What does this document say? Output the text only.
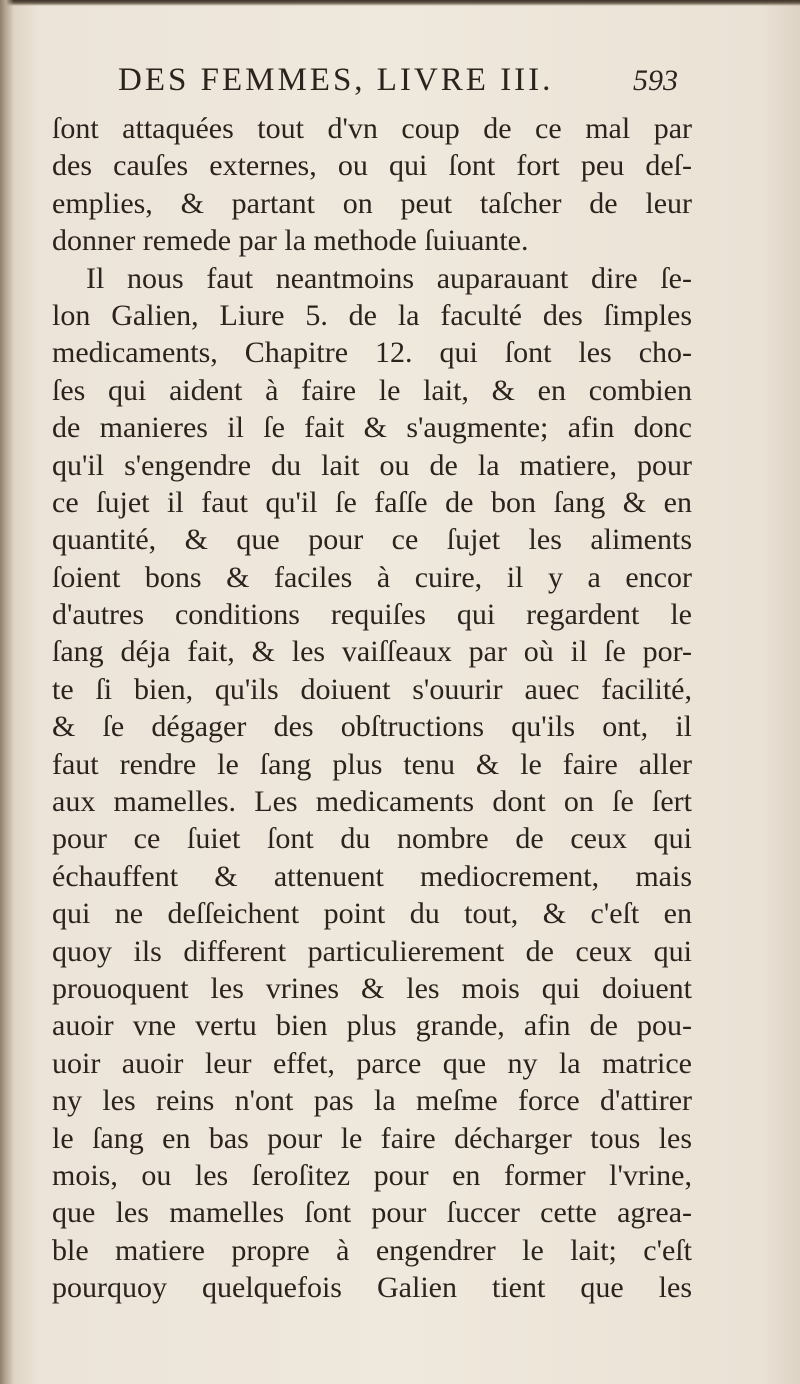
DES FEMMES, LIVRE III.	593
ſont attaquées tout d'vn coup de ce mal par
des cauſes externes, ou qui ſont fort peu deſ-
emplies, & partant on peut taſcher de leur
donner remede par la methode ſuiuante.
Il nous faut neantmoins auparauant dire ſe-
lon Galien, Liure 5. de la faculté des ſimples
medicaments, Chapitre 12. qui ſont les cho-
ſes qui aident à faire le lait, & en combien
de manieres il ſe fait & s'augmente; afin donc
qu'il s'engendre du lait ou de la matiere, pour
ce ſujet il faut qu'il ſe faſſe de bon ſang & en
quantité, & que pour ce ſujet les aliments
ſoient bons & faciles à cuire, il y a encor
d'autres conditions requiſes qui regardent le
ſang déja fait, & les vaiſſeaux par où il ſe por-
te ſi bien, qu'ils doiuent s'ouurir auec facilité,
& ſe dégager des obſtructions qu'ils ont, il
faut rendre le ſang plus tenu & le faire aller
aux mamelles. Les medicaments dont on ſe ſert
pour ce ſuiet ſont du nombre de ceux qui
échauffent & attenuent mediocrement, mais
qui ne deſſeichent point du tout, & c'eſt en
quoy ils different particulierement de ceux qui
prouoquent les vrines & les mois qui doiuent
auoir vne vertu bien plus grande, afin de pou-
uoir auoir leur effet, parce que ny la matrice
ny les reins n'ont pas la meſme force d'attirer
le ſang en bas pour le faire décharger tous les
mois, ou les ſeroſitez pour en former l'vrine,
que les mamelles ſont pour ſuccer cette agrea-
ble matiere propre à engendrer le lait; c'eſt
pourquoy quelquefois Galien tient que les
